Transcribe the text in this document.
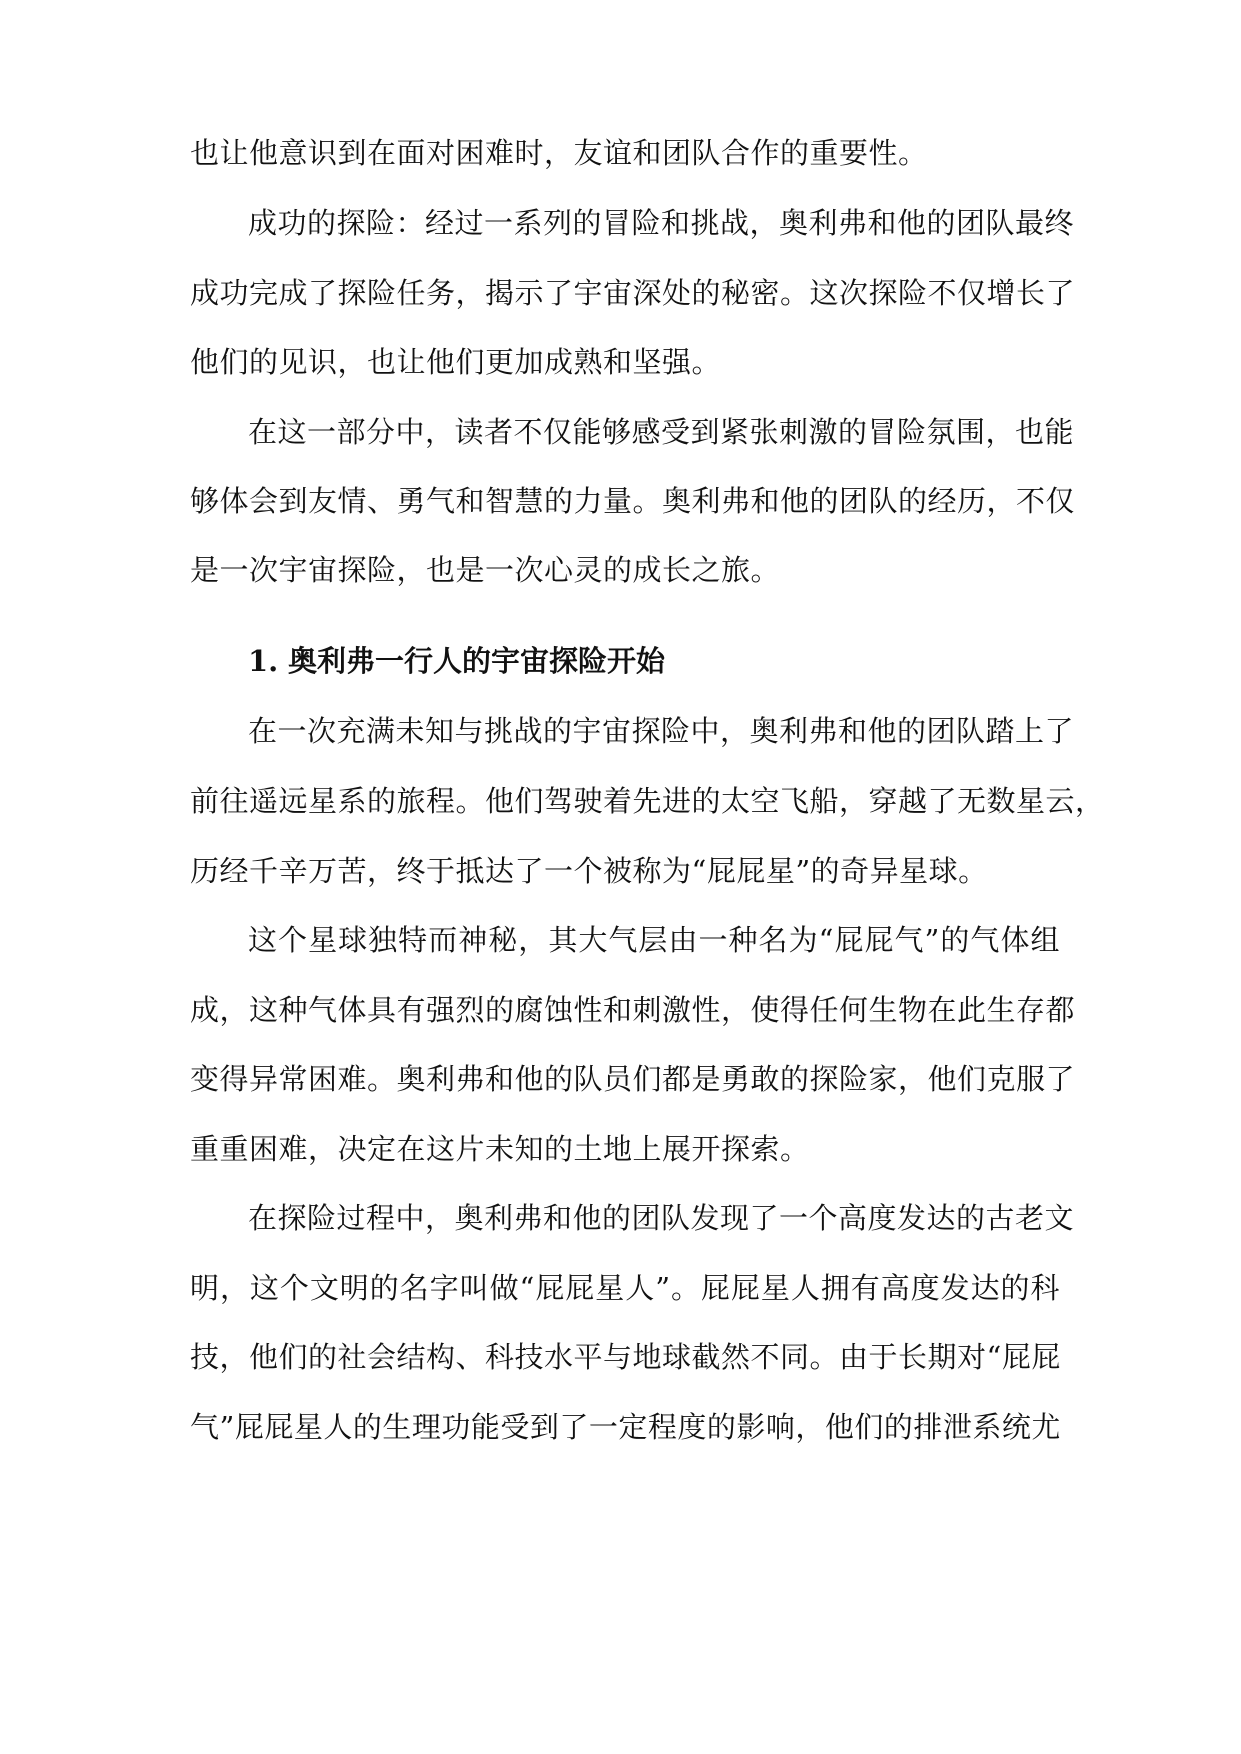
也让他意识到在面对困难时，友谊和团队合作的重要性。
成功的探险：经过一系列的冒险和挑战，奥利弗和他的团队最终
成功完成了探险任务，揭示了宇宙深处的秘密。这次探险不仅增长了
他们的见识，也让他们更加成熟和坚强。
在这一部分中，读者不仅能够感受到紧张刺激的冒险氛围，也能
够体会到友情、勇气和智慧的力量。奥利弗和他的团队的经历，不仅
是一次宇宙探险，也是一次心灵的成长之旅。
1. 奥利弗一行人的宇宙探险开始
在一次充满未知与挑战的宇宙探险中，奥利弗和他的团队踏上了
前往遥远星系的旅程。他们驾驶着先进的太空飞船，穿越了无数星云，
历经千辛万苦，终于抵达了一个被称为“屁屁星”的奇异星球。
这个星球独特而神秘，其大气层由一种名为“屁屁气”的气体组
成，这种气体具有强烈的腐蚀性和刺激性，使得任何生物在此生存都
变得异常困难。奥利弗和他的队员们都是勇敢的探险家，他们克服了
重重困难，决定在这片未知的土地上展开探索。
在探险过程中，奥利弗和他的团队发现了一个高度发达的古老文
明，这个文明的名字叫做“屁屁星人”。屁屁星人拥有高度发达的科
技，他们的社会结构、科技水平与地球截然不同。由于长期对“屁屁
气”屁屁星人的生理功能受到了一定程度的影响，他们的排泄系统尤
